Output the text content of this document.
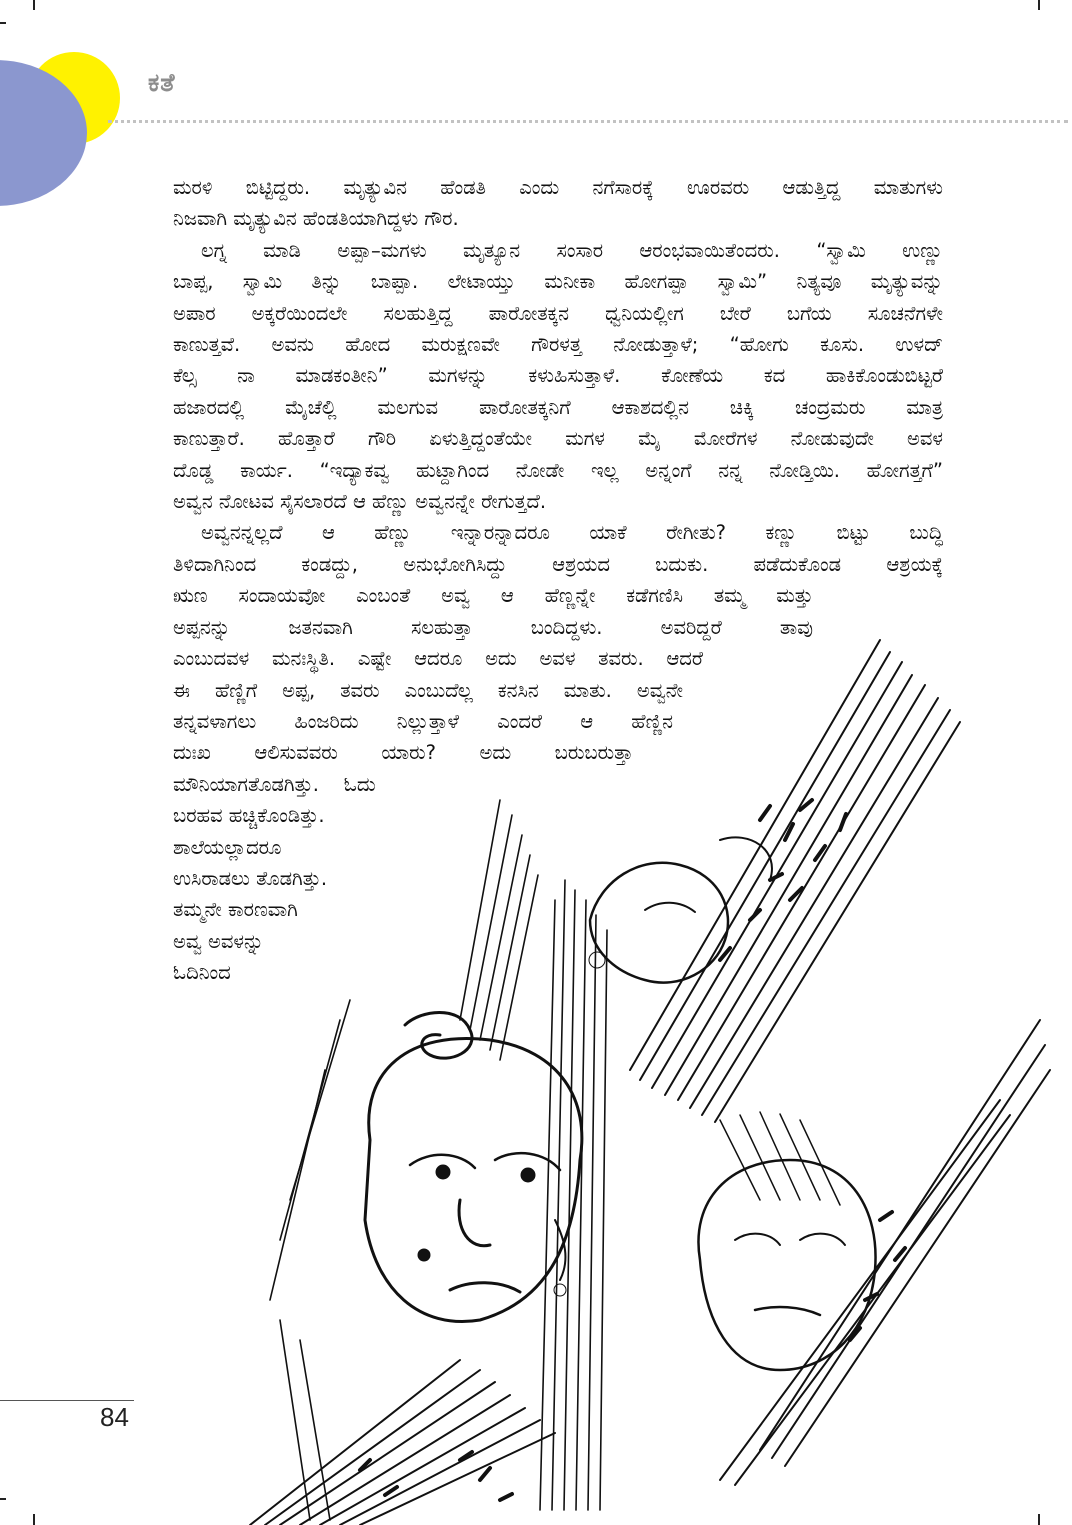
ಕತೆ
ಮರಳಿ ಬಿಟ್ಟಿದ್ದರು. ಮೃತ್ಯುವಿನ ಹೆಂಡತಿ ಎಂದು ನಗೆಸಾರಕ್ಕೆ ಊರವರು ಆಡುತ್ತಿದ್ದ ಮಾತುಗಳು
ನಿಜವಾಗಿ ಮೃತ್ಯುವಿನ ಹೆಂಡತಿಯಾಗಿದ್ದಳು ಗೌರ.
ಲಗ್ನ ಮಾಡಿ ಅಪ್ಪಾ–ಮಗಳು ಮೃತ್ಯೂನ ಸಂಸಾರ ಆರಂಭವಾಯಿತೆಂದರು. “ಸ್ವಾಮಿ ಉಣ್ಣು
ಬಾಪ್ಪ, ಸ್ವಾಮಿ ತಿನ್ನು ಬಾಪ್ಪಾ. ಲೇಟಾಯ್ತು ಮನೀಕಾ ಹೋಗಪ್ಪಾ ಸ್ವಾಮಿ” ನಿತ್ಯವೂ ಮೃತ್ಯುವನ್ನು
ಅಪಾರ ಅಕ್ಕರೆಯಿಂದಲೇ ಸಲಹುತ್ತಿದ್ದ ಪಾರೋತಕ್ಕನ ಧ್ವನಿಯಲ್ಲೀಗ ಬೇರೆ ಬಗೆಯ ಸೂಚನೆಗಳೇ
ಕಾಣುತ್ತವೆ. ಅವನು ಹೋದ ಮರುಕ್ಷಣವೇ ಗೌರಳತ್ತ ನೋಡುತ್ತಾಳೆ; “ಹೋಗು ಕೂಸು. ಉಳದ್
ಕೆಲ್ಸ ನಾ ಮಾಡಕಂತೀನಿ” ಮಗಳನ್ನು ಕಳುಹಿಸುತ್ತಾಳೆ. ಕೋಣೆಯ ಕದ ಹಾಕಿಕೊಂಡುಬಿಟ್ಟರೆ
ಹಜಾರದಲ್ಲಿ ಮೈಚೆಲ್ಲಿ ಮಲಗುವ ಪಾರೋತಕ್ಕನಿಗೆ ಆಕಾಶದಲ್ಲಿನ ಚಿಕ್ಕಿ ಚಂದ್ರಮರು ಮಾತ್ರ
ಕಾಣುತ್ತಾರೆ. ಹೊತ್ತಾರೆ ಗೌರಿ ಏಳುತ್ತಿದ್ದಂತೆಯೇ ಮಗಳ ಮೈ ಮೋರೆಗಳ ನೋಡುವುದೇ ಅವಳ
ದೊಡ್ಡ ಕಾರ್ಯ. “ಇದ್ಯಾಕವ್ವ ಹುಟ್ದಾಗಿಂದ ನೋಡೇ ಇಲ್ಲ ಅನ್ನಂಗೆ ನನ್ನ ನೋಡ್ತಿಯಿ. ಹೋಗತ್ತಗೆ”
ಅವ್ವನ ನೋಟವ ಸೈಸಲಾರದೆ ಆ ಹೆಣ್ಣು ಅವ್ವನನ್ನೇ ರೇಗುತ್ತದೆ.
ಅವ್ವನನ್ನಲ್ಲದೆ ಆ ಹೆಣ್ಣು ಇನ್ನಾರನ್ನಾದರೂ ಯಾಕೆ ರೇಗೀತು? ಕಣ್ಣು ಬಿಟ್ಟು ಬುದ್ಧಿ
ತಿಳಿದಾಗಿನಿಂದ ಕಂಡದ್ದು, ಅನುಭೋಗಿಸಿದ್ದು ಆಶ್ರಯದ ಬದುಕು. ಪಡೆದುಕೊಂಡ ಆಶ್ರಯಕ್ಕೆ
ಋಣ ಸಂದಾಯವೋ ಎಂಬಂತೆ ಅವ್ವ ಆ ಹೆಣ್ಣನ್ನೇ ಕಡೆಗಣಿಸಿ ತಮ್ಮ ಮತ್ತು
ಅಪ್ಪನನ್ನು ಜತನವಾಗಿ ಸಲಹುತ್ತಾ ಬಂದಿದ್ದಳು. ಅವರಿದ್ದರೆ ತಾವು
ಎಂಬುದವಳ ಮನಃಸ್ಥಿತಿ. ಎಷ್ಟೇ ಆದರೂ ಅದು ಅವಳ ತವರು. ಆದರೆ
ಈ ಹೆಣ್ಣಿಗೆ ಅಪ್ಪ, ತವರು ಎಂಬುದೆಲ್ಲ ಕನಸಿನ ಮಾತು. ಅವ್ವನೇ
ತನ್ನವಳಾಗಲು ಹಿಂಜರಿದು ನಿಲ್ಲುತ್ತಾಳೆ ಎಂದರೆ ಆ ಹೆಣ್ಣಿನ
ದುಃಖ ಆಲಿಸುವವರು ಯಾರು? ಅದು ಬರುಬರುತ್ತಾ
ಮೌನಿಯಾಗತೊಡಗಿತ್ತು.    ಓದು
ಬರಹವ ಹಚ್ಚಿಕೊಂಡಿತ್ತು.
ಶಾಲೆಯಲ್ಲಾದರೂ
ಉಸಿರಾಡಲು ತೊಡಗಿತ್ತು.
ತಮ್ಮನೇ ಕಾರಣವಾಗಿ
ಅವ್ವ ಅವಳನ್ನು
ಓದಿನಿಂದ
84
